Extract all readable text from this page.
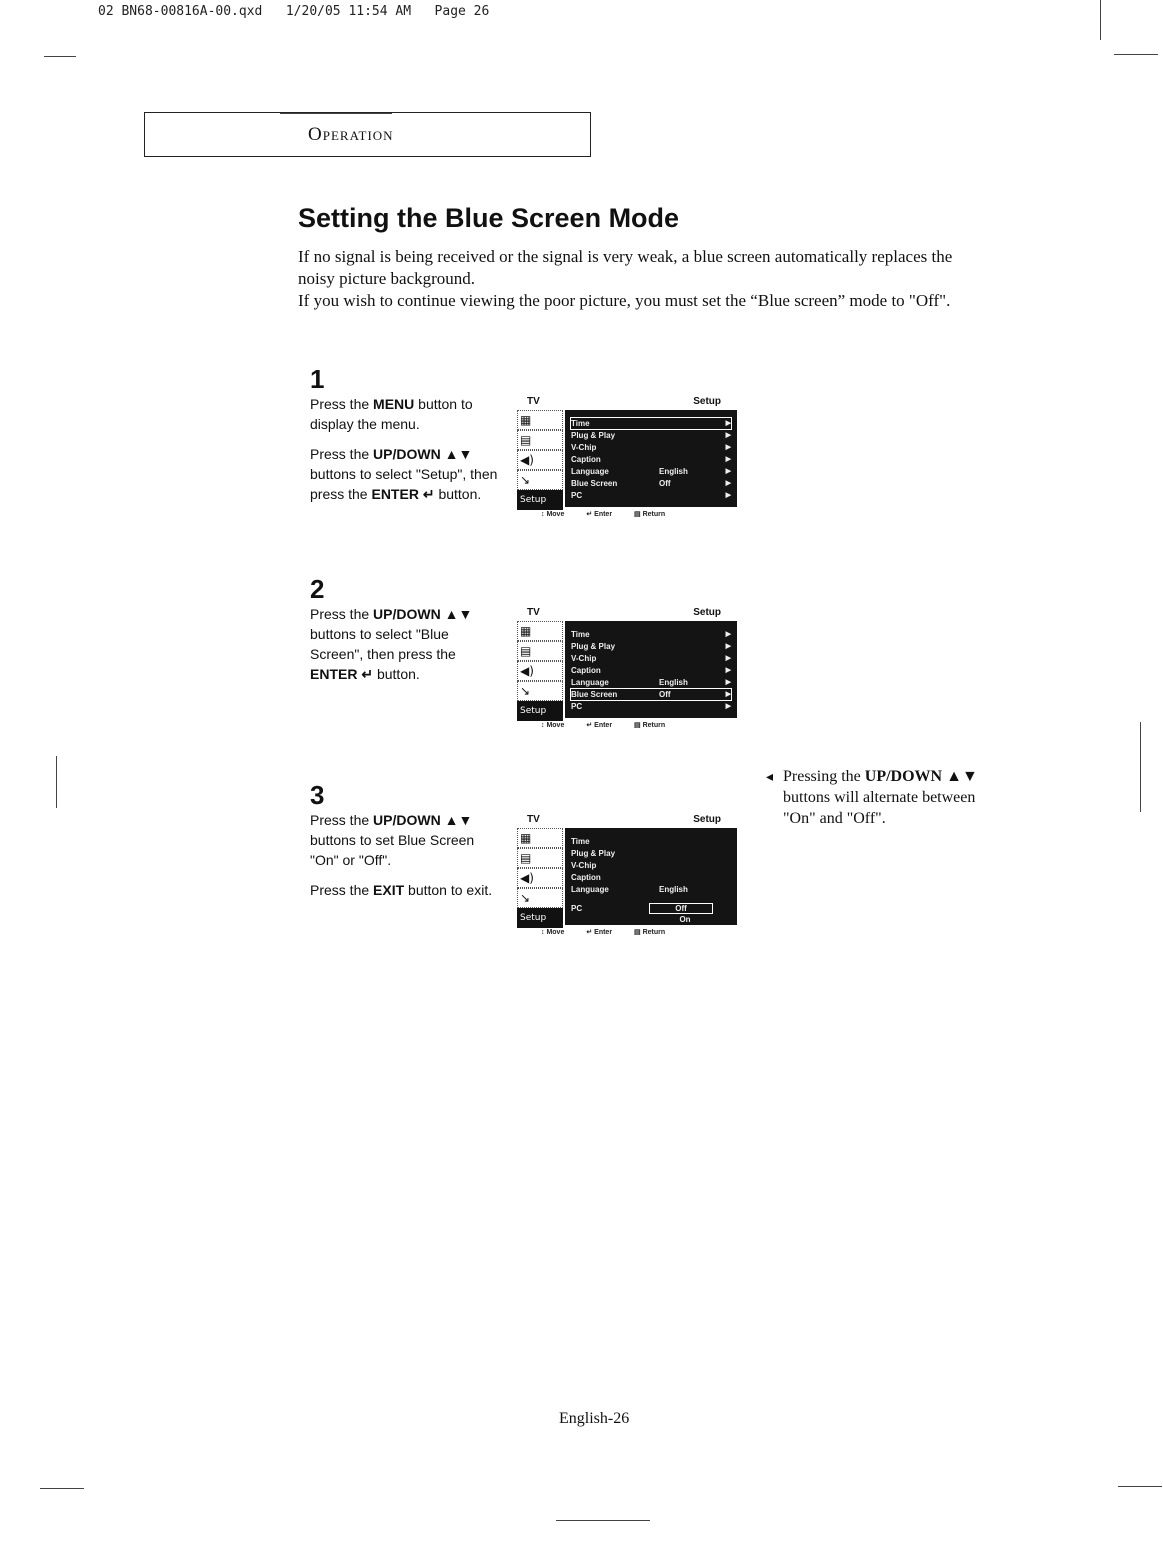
02 BN68-00816A-00.qxd   1/20/05 11:54 AM   Page 26
Operation
Setting the Blue Screen Mode

If no signal is being received or the signal is very weak, a blue screen automatically replaces the noisy picture background.

If you wish to continue viewing the poor picture, you must set the “Blue screen” mode to "Off".

1

Press the MENU button to display the menu.

Press the UP/DOWN ▲▼ buttons to select "Setup", then press the ENTER ↵ button.

TV	Setup
▦
▤
◀)
↘
Setup
Time	▶
Plug & Play	▶
V-Chip	▶
Caption	▶
Language	English	▶
Blue Screen	Off	▶
PC	▶
↕ Move	↵ Enter	▤ Return
2

Press the UP/DOWN ▲▼ buttons to select "Blue Screen", then press the ENTER ↵ button.

TV	Setup
▦
▤
◀)
↘
Setup
Time	▶
Plug & Play	▶
V-Chip	▶
Caption	▶
Language	English	▶
Blue Screen	Off	▶
PC	▶
↕ Move	↵ Enter	▤ Return
3

Press the UP/DOWN ▲▼ buttons to set Blue Screen "On" or "Off".

Press the EXIT button to exit.

TV	Setup
▦
▤
◀)
↘
Setup
Time
Plug & Play
V-Chip
Caption
Language	English
Off
PC
On
↕ Move	↵ Enter	▤ Return
◂ Pressing the UP/DOWN ▲▼ buttons will alternate between "On" and "Off".
English-26
